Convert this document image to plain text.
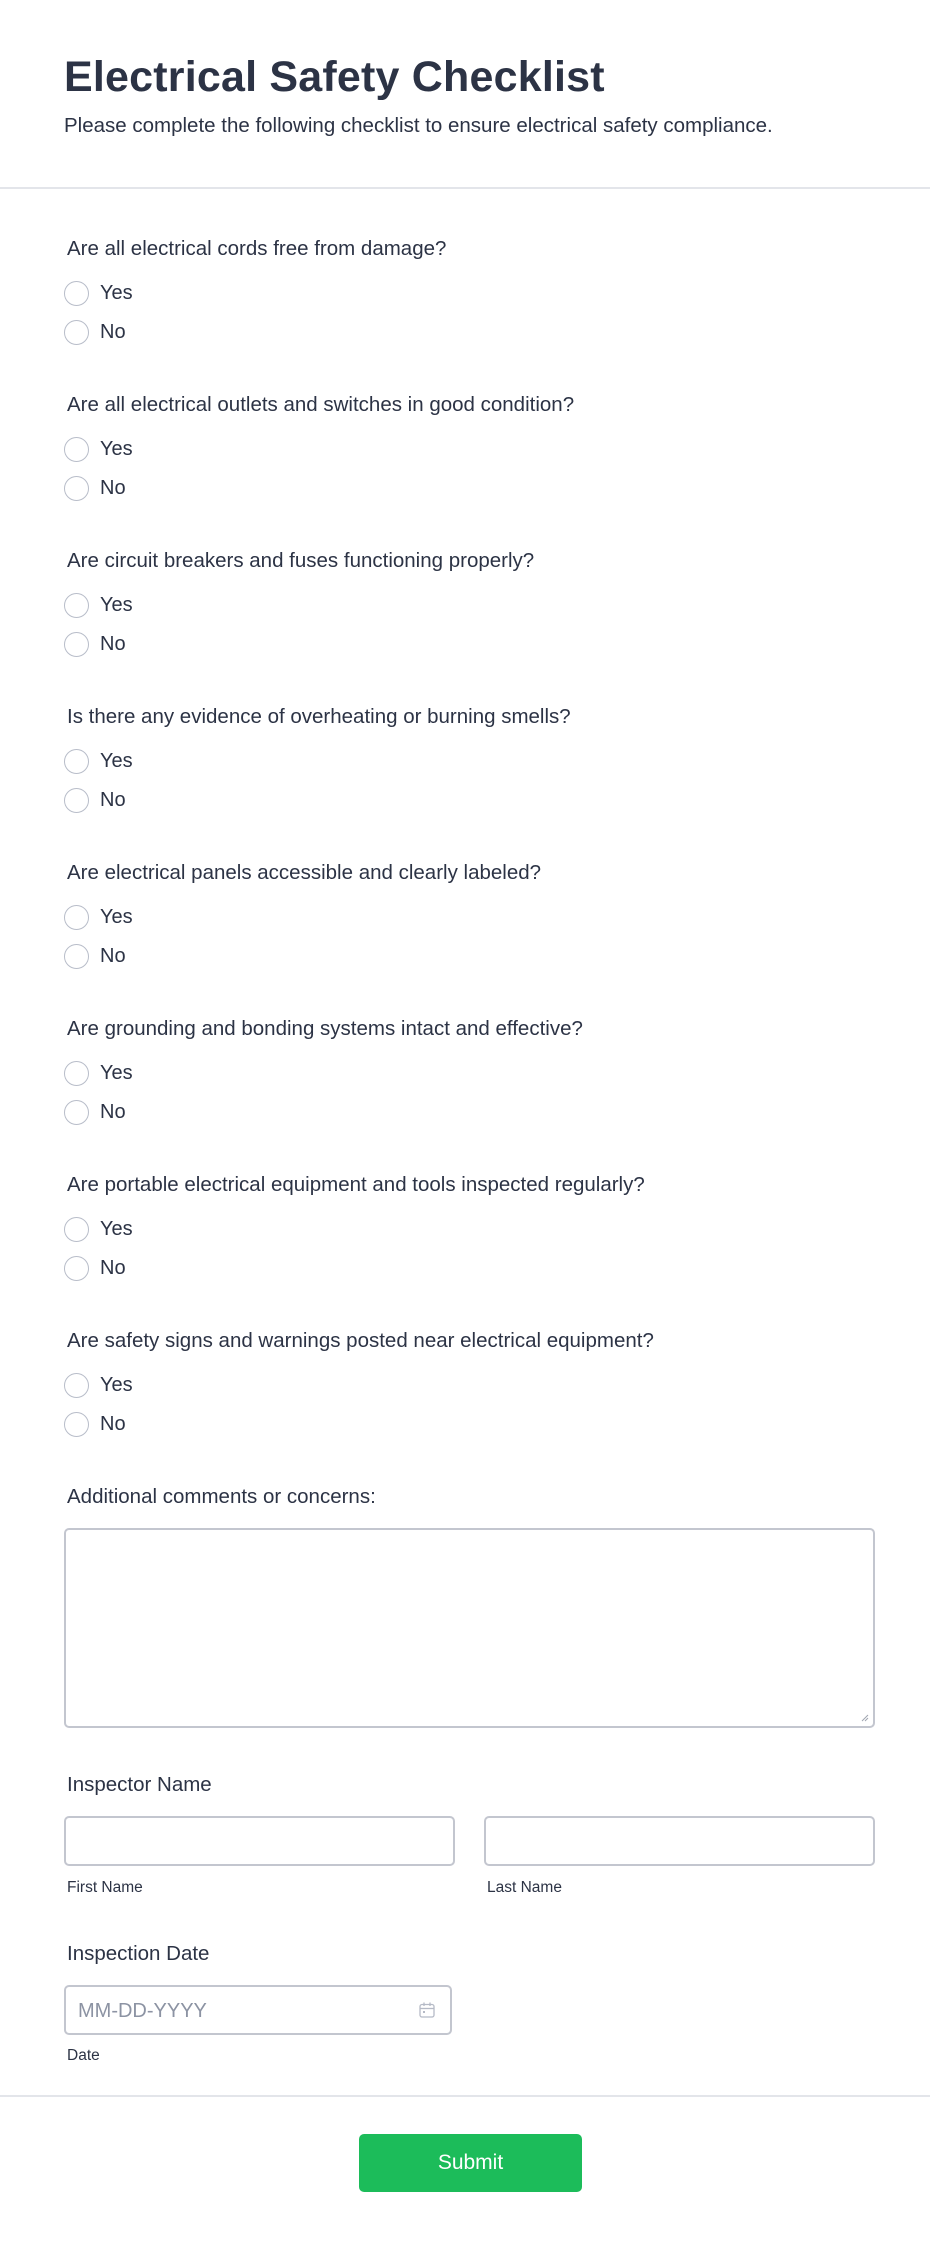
Electrical Safety Checklist
Please complete the following checklist to ensure electrical safety compliance.
Are all electrical cords free from damage?
Yes
No
Are all electrical outlets and switches in good condition?
Yes
No
Are circuit breakers and fuses functioning properly?
Yes
No
Is there any evidence of overheating or burning smells?
Yes
No
Are electrical panels accessible and clearly labeled?
Yes
No
Are grounding and bonding systems intact and effective?
Yes
No
Are portable electrical equipment and tools inspected regularly?
Yes
No
Are safety signs and warnings posted near electrical equipment?
Yes
No
Additional comments or concerns:
Inspector Name
First Name	Last Name
Inspection Date
MM-DD-YYYY
Date
Submit
